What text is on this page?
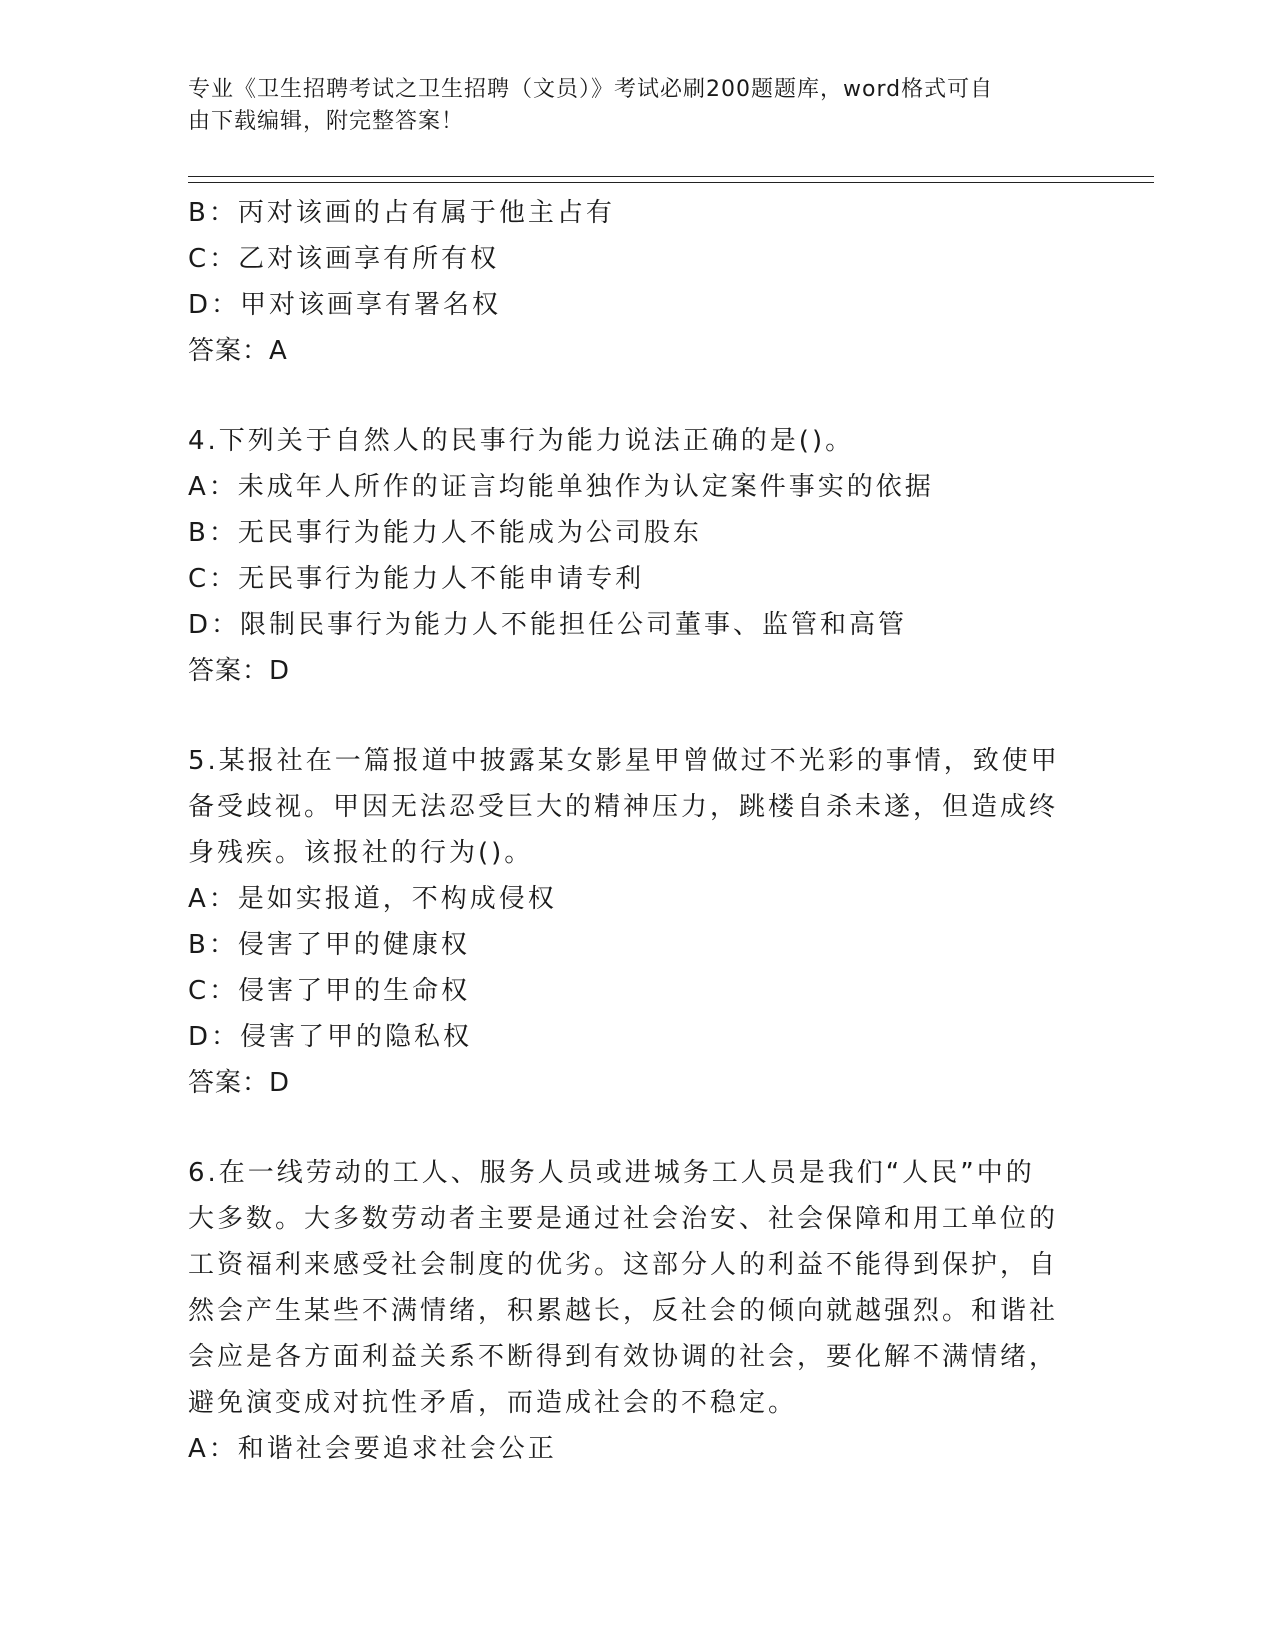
专业《卫生招聘考试之卫生招聘（文员）》考试必刷200题题库，word格式可自
由下载编辑，附完整答案！
B：丙对该画的占有属于他主占有
C：乙对该画享有所有权
D：甲对该画享有署名权
答案：A
4.下列关于自然人的民事行为能力说法正确的是()。
A：未成年人所作的证言均能单独作为认定案件事实的依据
B：无民事行为能力人不能成为公司股东
C：无民事行为能力人不能申请专利
D：限制民事行为能力人不能担任公司董事、监管和高管
答案：D
5.某报社在一篇报道中披露某女影星甲曾做过不光彩的事情，致使甲
备受歧视。甲因无法忍受巨大的精神压力，跳楼自杀未遂，但造成终
身残疾。该报社的行为()。
A：是如实报道，不构成侵权
B：侵害了甲的健康权
C：侵害了甲的生命权
D：侵害了甲的隐私权
答案：D
6.在一线劳动的工人、服务人员或进城务工人员是我们“人民”中的
大多数。大多数劳动者主要是通过社会治安、社会保障和用工单位的
工资福利来感受社会制度的优劣。这部分人的利益不能得到保护，自
然会产生某些不满情绪，积累越长，反社会的倾向就越强烈。和谐社
会应是各方面利益关系不断得到有效协调的社会，要化解不满情绪，
避免演变成对抗性矛盾，而造成社会的不稳定。
A：和谐社会要追求社会公正
